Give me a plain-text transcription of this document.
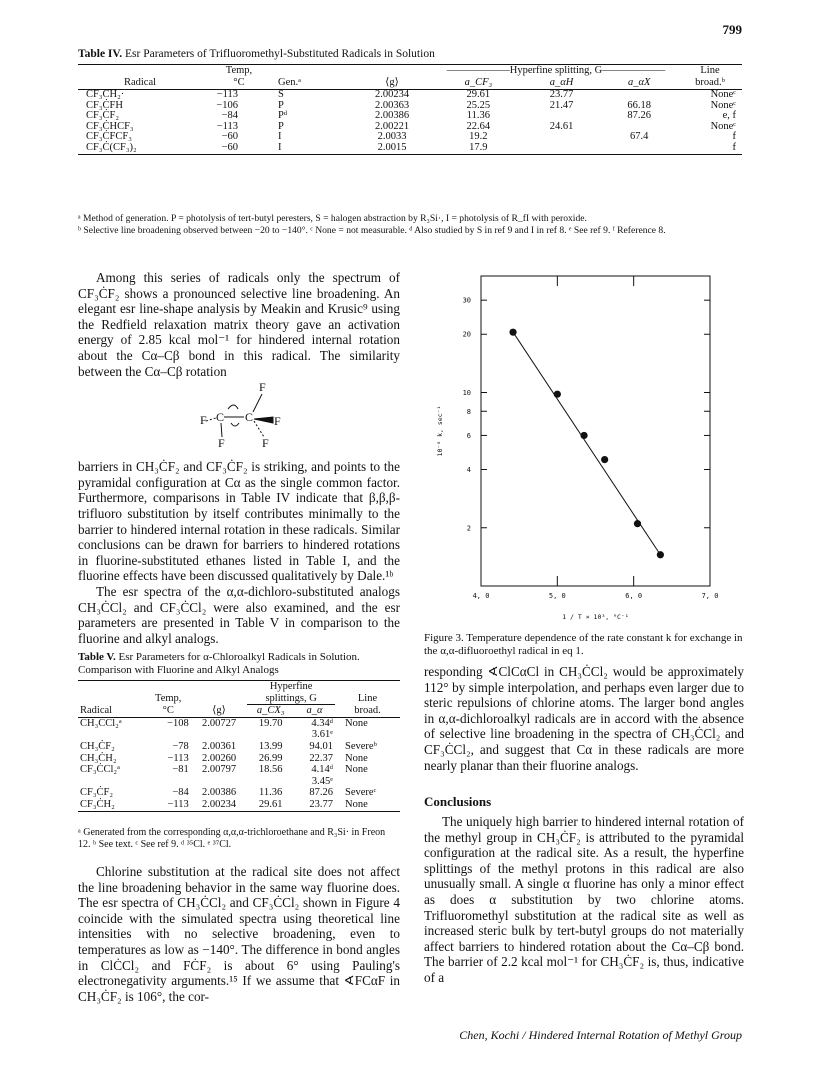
799
Table IV. Esr Parameters of Trifluoromethyl-Substituted Radicals in Solution
	Temp,			——————Hyperfine splitting, G——————			Line
Radical	°C	Gen.ᵃ	⟨g⟩	a_CF₃	a_αH	a_αX	broad.ᵇ
CF₃CH₂·	−113	S	2.00234	29.61	23.77		Noneᶜ
CF₃ĊFH	−106	P	2.00363	25.25	21.47	66.18	Noneᶜ
CF₃ĊF₂	−84	Pᵈ	2.00386	11.36		87.26	e, f
CF₃ĊHCF₃	−113	P	2.00221	22.64	24.61		Noneᶜ
CF₃ĊFCF₃	−60	I	2.0033	19.2		67.4	f
CF₃Ċ(CF₃)₂	−60	I	2.0015	17.9			f
ᵃ Method of generation. P = photolysis of tert-butyl peresters, S = halogen abstraction by R₃Si·, I = photolysis of R_fI with peroxide.
ᵇ Selective line broadening observed between −20 to −140°. ᶜ None = not measurable. ᵈ Also studied by S in ref 9 and I in ref 8. ᵉ See ref 9. ᶠ Reference 8.

Among this series of radicals only the spectrum of CF₃ĊF₂ shows a pronounced selective line broadening. An elegant esr line-shape analysis by Meakin and Krusic⁹ using the Redfield relaxation matrix theory gave an activation energy of 2.85 kcal mol⁻¹ for hindered internal rotation about the Cα–Cβ bond in this radical. The similarity between the Cα–Cβ rotation

F
F C C F
F	F

barriers in CH₃ĊF₂ and CF₃ĊF₂ is striking, and points to the pyramidal configuration at Cα as the single common factor. Furthermore, comparisons in Table IV indicate that β,β,β-trifluoro substitution by itself contributes minimally to the barrier to hindered internal rotation in these radicals. Similar conclusions can be drawn for barriers to hindered rotations in fluorine-substituted ethanes listed in Table I, and the fluorine effects have been discussed qualitatively by Dale.¹ᵇ

The esr spectra of the α,α-dichloro-substituted analogs CH₃ĊCl₂ and CF₃ĊCl₂ were also examined, and the esr parameters are presented in Table V in comparison to the fluorine and alkyl analogs.

Table V. Esr Parameters for α-Chloroalkyl Radicals in Solution. Comparison with Fluorine and Alkyl Analogs
			Hyperfine		
	Temp,		splittings, G		Line
Radical	°C	⟨g⟩	a_CX₃	a_α	broad.
CH₃ĊCl₂ᵃ	−108	2.00727	19.70	4.34ᵈ	None
				3.61ᵉ	
CH₃ĊF₂	−78	2.00361	13.99	94.01	Severeᵇ
CH₃ĊH₂	−113	2.00260	26.99	22.37	None
CF₃ĊCl₂ᵃ	−81	2.00797	18.56	4.14ᵈ	None
				3.45ᵉ	
CF₃ĊF₂	−84	2.00386	11.36	87.26	Severeᶜ
CF₃ĊH₂	−113	2.00234	29.61	23.77	None
ᵃ Generated from the corresponding α,α,α-trichloroethane and R₃Si· in Freon 12. ᵇ See text. ᶜ See ref 9. ᵈ ³⁵Cl. ᵉ ³⁷Cl.

Chlorine substitution at the radical site does not affect the line broadening behavior in the same way fluorine does. The esr spectra of CH₃ĊCl₂ and CF₃ĊCl₂ shown in Figure 4 coincide with the simulated spectra using theoretical line intensities with no selective broadening, even to temperatures as low as −140°. The difference in bond angles in ClĊCl₂ and FĊF₂ is about 6° using Pauling's electronegativity arguments.¹⁵ If we assume that ∢FCαF in CH₃ĊF₂ is 106°, the cor-

4, 0	5, 0	6, 0	7, 0
30
20
10
8
6
4
2
1 / T × 10³, °C⁻¹
10⁻⁸ k, sec⁻¹
Figure 3. Temperature dependence of the rate constant k for exchange in the α,α-difluoroethyl radical in eq 1.

responding ∢ClCαCl in CH₃ĊCl₂ would be approximately 112° by simple interpolation, and perhaps even larger due to steric repulsions of chlorine atoms. The larger bond angles in α,α-dichloroalkyl radicals are in accord with the absence of selective line broadening in the spectra of CH₃ĊCl₂ and CF₃ĊCl₂, and suggest that Cα in these radicals are more nearly planar than their fluorine analogs.

Conclusions

The uniquely high barrier to hindered internal rotation of the methyl group in CH₃ĊF₂ is attributed to the pyramidal configuration at the radical site. As a result, the hyperfine splittings of the methyl protons in this radical are also unusually small. A single α fluorine has only a minor effect as does α substitution by two chlorine atoms. Trifluoromethyl substitution at the radical site as well as increased steric bulk by tert-butyl groups do not materially affect barriers to hindered rotation about the Cα–Cβ bond. The barrier of 2.2 kcal mol⁻¹ for CH₃ĊF₂ is, thus, indicative of a

Chen, Kochi / Hindered Internal Rotation of Methyl Group
